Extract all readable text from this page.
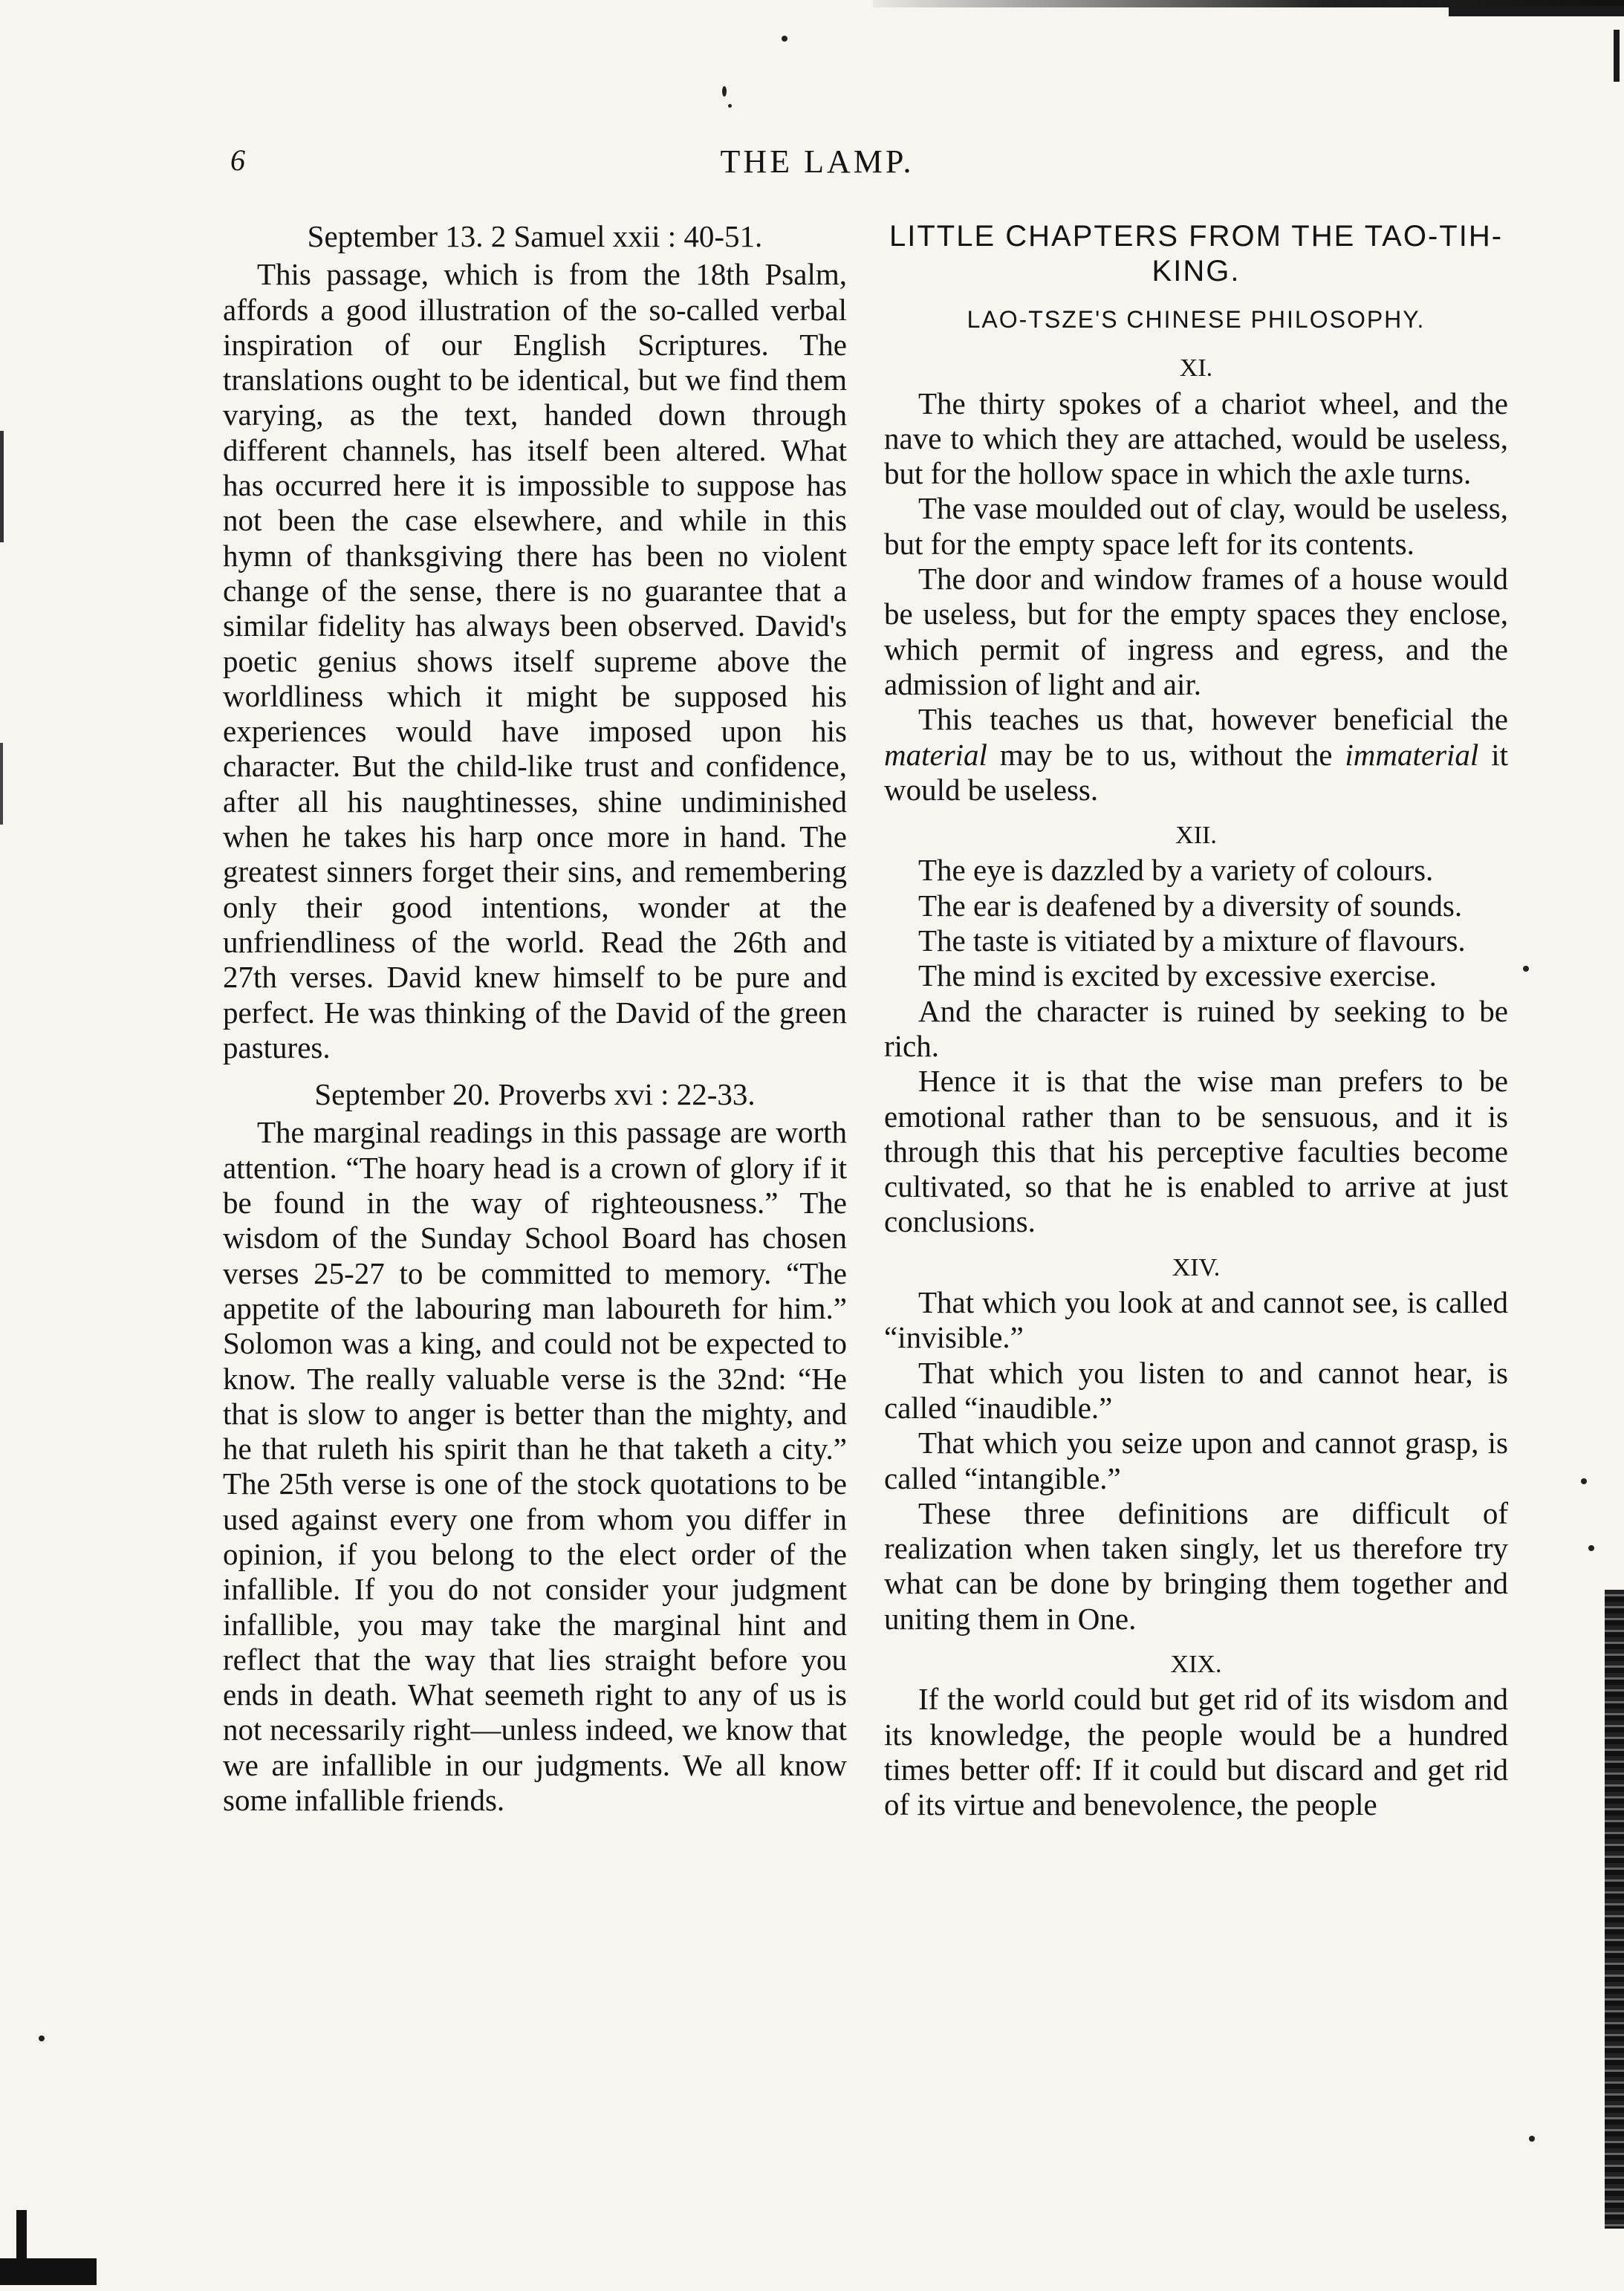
6	THE LAMP.

September 13. 2 Samuel xxii : 40-51.

This passage, which is from the 18th Psalm, affords a good illustration of the so-called verbal inspiration of our English Scriptures. The translations ought to be identical, but we find them varying, as the text, handed down through different channels, has itself been altered. What has occurred here it is impossible to suppose has not been the case elsewhere, and while in this hymn of thanksgiving there has been no violent change of the sense, there is no guarantee that a similar fidelity has always been observed. David's poetic genius shows itself supreme above the worldliness which it might be supposed his experiences would have imposed upon his character. But the child-like trust and confidence, after all his naughtinesses, shine undiminished when he takes his harp once more in hand. The greatest sinners forget their sins, and remembering only their good intentions, wonder at the unfriendliness of the world. Read the 26th and 27th verses. David knew himself to be pure and perfect. He was thinking of the David of the green pastures.

September 20. Proverbs xvi : 22-33.

The marginal readings in this passage are worth attention. “The hoary head is a crown of glory if it be found in the way of righteousness.” The wisdom of the Sunday School Board has chosen verses 25-27 to be committed to memory. “The appetite of the labouring man laboureth for him.” Solomon was a king, and could not be expected to know. The really valuable verse is the 32nd: “He that is slow to anger is better than the mighty, and he that ruleth his spirit than he that taketh a city.” The 25th verse is one of the stock quotations to be used against every one from whom you differ in opinion, if you belong to the elect order of the infallible. If you do not consider your judgment infallible, you may take the marginal hint and reflect that the way that lies straight before you ends in death. What seemeth right to any of us is not necessarily right—unless indeed, we know that we are infallible in our judgments. We all know some infallible friends.

LITTLE CHAPTERS FROM THE TAO-TIH-KING.

LAO-TSZE'S CHINESE PHILOSOPHY.

XI.

The thirty spokes of a chariot wheel, and the nave to which they are attached, would be useless, but for the hollow space in which the axle turns.

The vase moulded out of clay, would be useless, but for the empty space left for its contents.

The door and window frames of a house would be useless, but for the empty spaces they enclose, which permit of ingress and egress, and the admission of light and air.

This teaches us that, however beneficial the material may be to us, without the immaterial it would be useless.

XII.

The eye is dazzled by a variety of colours.

The ear is deafened by a diversity of sounds.

The taste is vitiated by a mixture of flavours.

The mind is excited by excessive exercise.

And the character is ruined by seeking to be rich.

Hence it is that the wise man prefers to be emotional rather than to be sensuous, and it is through this that his perceptive faculties become cultivated, so that he is enabled to arrive at just conclusions.

XIV.

That which you look at and cannot see, is called “invisible.”

That which you listen to and cannot hear, is called “inaudible.”

That which you seize upon and cannot grasp, is called “intangible.”

These three definitions are difficult of realization when taken singly, let us therefore try what can be done by bringing them together and uniting them in One.

XIX.

If the world could but get rid of its wisdom and its knowledge, the people would be a hundred times better off: If it could but discard and get rid of its virtue and benevolence, the people
